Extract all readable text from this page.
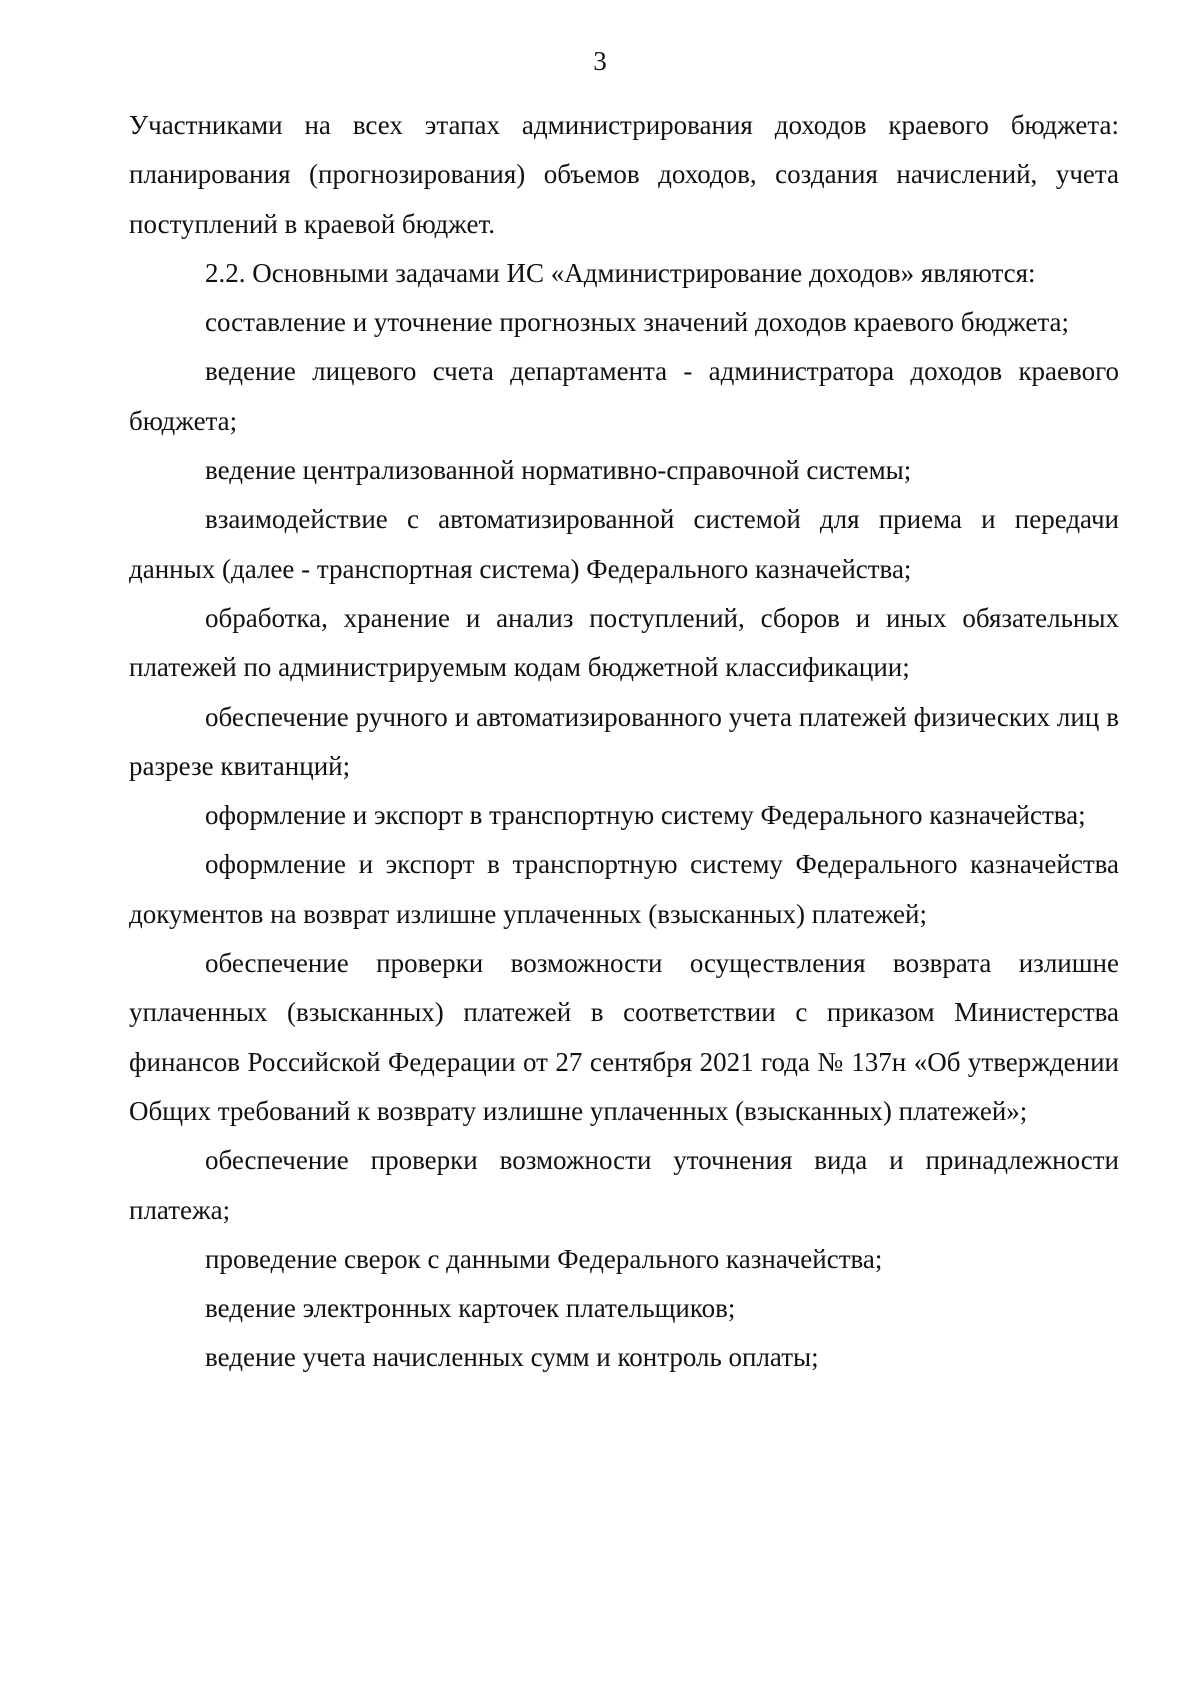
3

Участниками на всех этапах администрирования доходов краевого бюджета: планирования (прогнозирования) объемов доходов, создания начислений, учета поступлений в краевой бюджет.

2.2. Основными задачами ИС «Администрирование доходов» являются:

составление и уточнение прогнозных значений доходов краевого бюджета;

ведение лицевого счета департамента - администратора доходов краевого бюджета;

ведение централизованной нормативно-справочной системы;

взаимодействие с автоматизированной системой для приема и передачи данных (далее - транспортная система) Федерального казначейства;

обработка, хранение и анализ поступлений, сборов и иных обязательных платежей по администрируемым кодам бюджетной классификации;

обеспечение ручного и автоматизированного учета платежей физических лиц в разрезе квитанций;

оформление и экспорт в транспортную систему Федерального казначейства;

оформление и экспорт в транспортную систему Федерального казначейства документов на возврат излишне уплаченных (взысканных) платежей;

обеспечение проверки возможности осуществления возврата излишне уплаченных (взысканных) платежей в соответствии с приказом Министерства финансов Российской Федерации от 27 сентября 2021 года № 137н «Об утверждении Общих требований к возврату излишне уплаченных (взысканных) платежей»;

обеспечение проверки возможности уточнения вида и принадлежности платежа;

проведение сверок с данными Федерального казначейства;

ведение электронных карточек плательщиков;

ведение учета начисленных сумм и контроль оплаты;
